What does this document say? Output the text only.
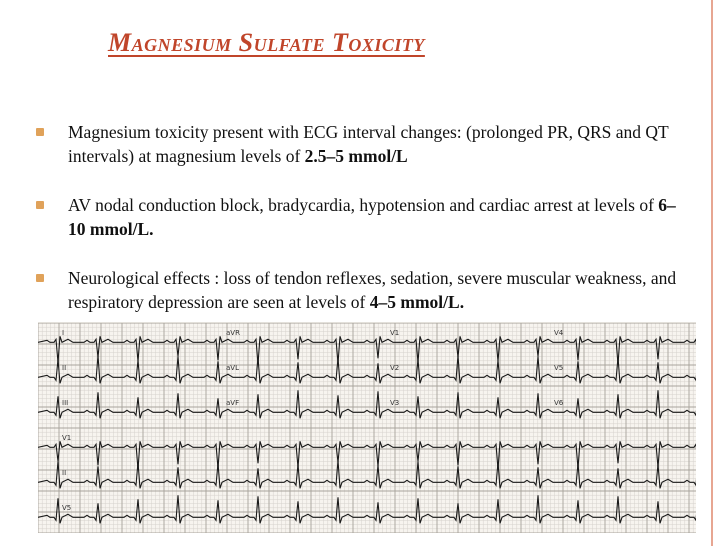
Magnesium Sulfate Toxicity
Magnesium toxicity present with ECG interval changes: (prolonged PR, QRS and QT intervals) at magnesium levels of 2.5–5 mmol/L
AV nodal conduction block, bradycardia, hypotension and cardiac arrest at levels of 6–10 mmol/L.
Neurological effects : loss of tendon reflexes, sedation, severe muscular weakness, and respiratory depression are seen at levels of 4–5 mmol/L.
I	aVR	V1	V4
II	aVL	V2	V5
III	aVF	V3	V6
V1
II
V5
